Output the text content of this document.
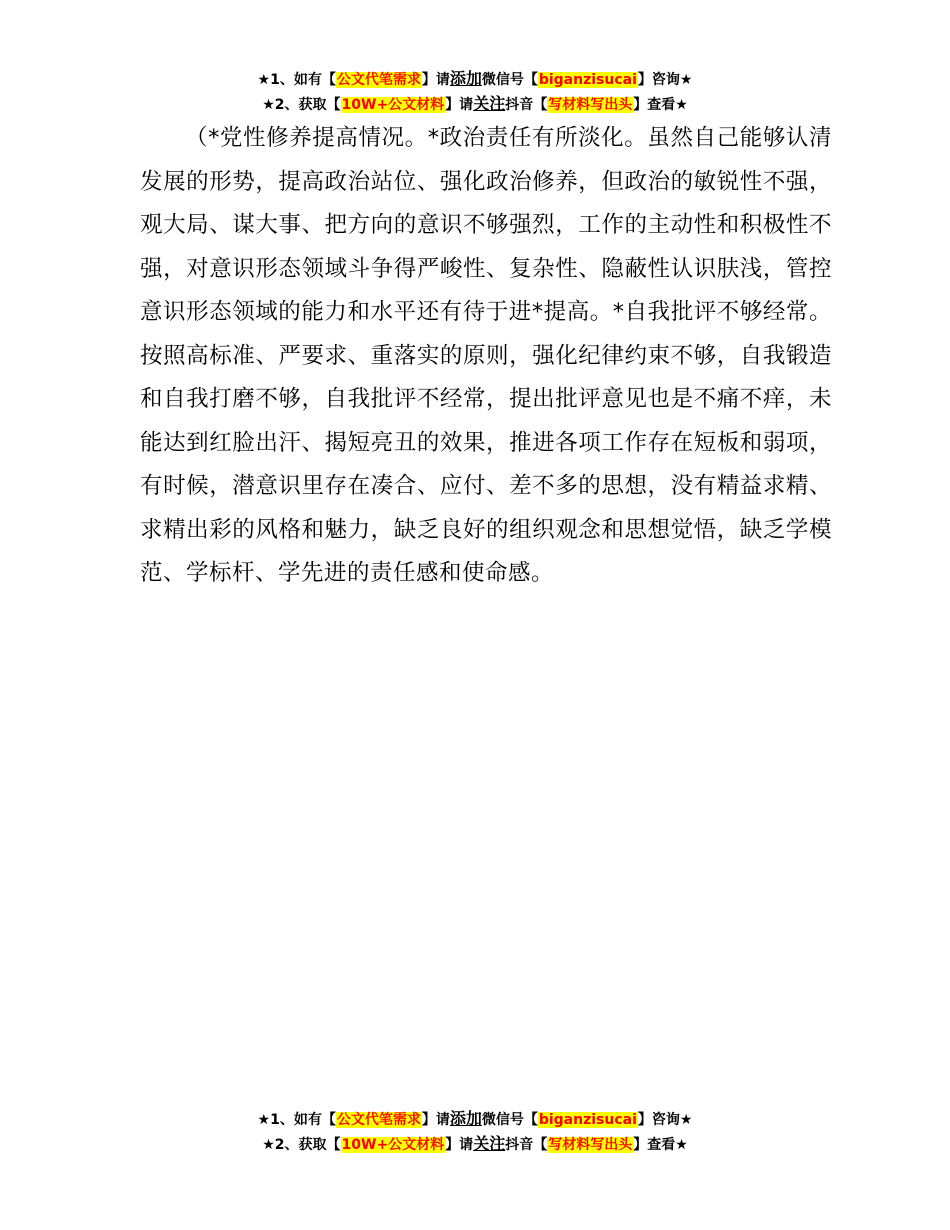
★1、如有【公文代笔需求】请添加微信号【biganzisucai】咨询★
★2、获取【10W+公文材料】请关注抖音【写材料写出头】查看★

（*党性修养提高情况。*政治责任有所淡化。虽然自己能够认清发展的形势，提高政治站位、强化政治修养，但政治的敏锐性不强，观大局、谋大事、把方向的意识不够强烈，工作的主动性和积极性不强，对意识形态领域斗争得严峻性、复杂性、隐蔽性认识肤浅，管控意识形态领域的能力和水平还有待于进*提高。*自我批评不够经常。按照高标准、严要求、重落实的原则，强化纪律约束不够，自我锻造和自我打磨不够，自我批评不经常，提出批评意见也是不痛不痒，未能达到红脸出汗、揭短亮丑的效果，推进各项工作存在短板和弱项，有时候，潜意识里存在凑合、应付、差不多的思想，没有精益求精、求精出彩的风格和魅力，缺乏良好的组织观念和思想觉悟，缺乏学模范、学标杆、学先进的责任感和使命感。

★1、如有【公文代笔需求】请添加微信号【biganzisucai】咨询★
★2、获取【10W+公文材料】请关注抖音【写材料写出头】查看★
